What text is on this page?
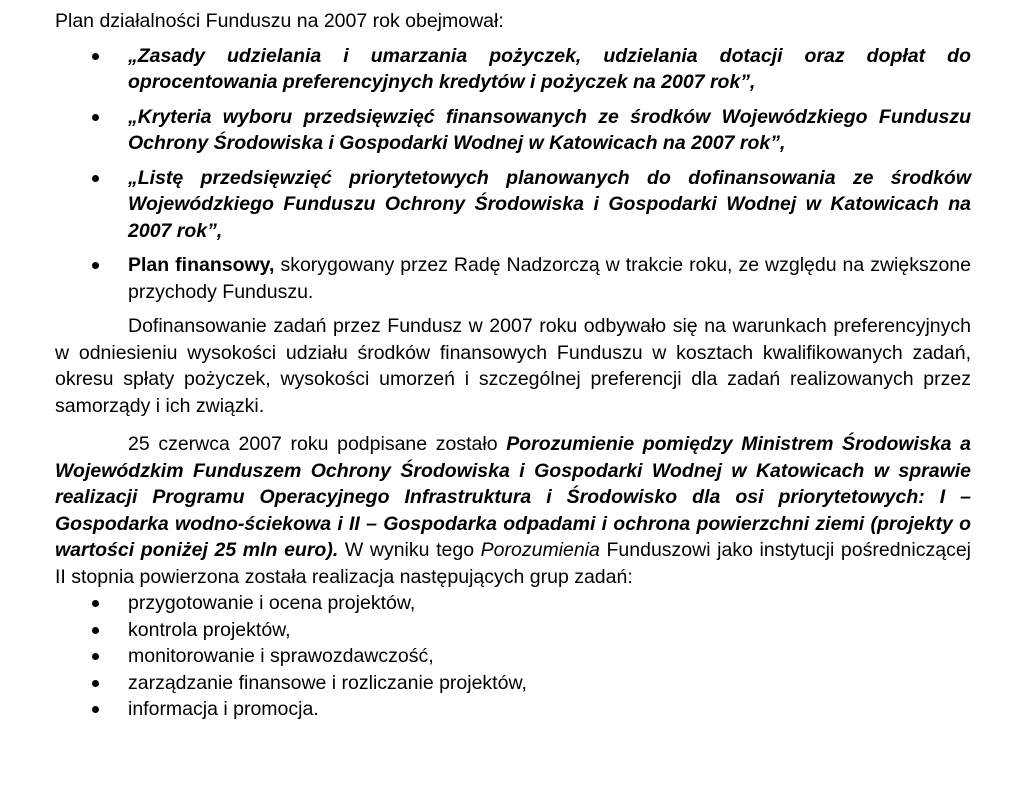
Plan działalności Funduszu na 2007 rok obejmował:

„Zasady udzielania i umarzania pożyczek, udzielania dotacji oraz dopłat do oprocentowania preferencyjnych kredytów i pożyczek na 2007 rok”,
„Kryteria wyboru przedsięwzięć finansowanych ze środków Wojewódzkiego Funduszu Ochrony Środowiska i Gospodarki Wodnej w Katowicach na 2007 rok”,
„Listę przedsięwzięć priorytetowych planowanych do dofinansowania ze środków Wojewódzkiego Funduszu Ochrony Środowiska i Gospodarki Wodnej w Katowicach na 2007 rok”,
Plan finansowy, skorygowany przez Radę Nadzorczą w trakcie roku, ze względu na zwiększone przychody Funduszu.

Dofinansowanie zadań przez Fundusz w 2007 roku odbywało się na warunkach preferencyjnych w odniesieniu wysokości udziału środków finansowych Funduszu w kosztach kwalifikowanych zadań, okresu spłaty pożyczek, wysokości umorzeń i szczególnej preferencji dla zadań realizowanych przez samorządy i ich związki.

25 czerwca 2007 roku podpisane zostało Porozumienie pomiędzy Ministrem Środowiska a Wojewódzkim Funduszem Ochrony Środowiska i Gospodarki Wodnej w Katowicach w sprawie realizacji Programu Operacyjnego Infrastruktura i Środowisko dla osi priorytetowych: I – Gospodarka wodno-ściekowa i II – Gospodarka odpadami i ochrona powierzchni ziemi (projekty o wartości poniżej 25 mln euro). W wyniku tego Porozumienia Funduszowi jako instytucji pośredniczącej II stopnia powierzona została realizacja następujących grup zadań:

przygotowanie i ocena projektów,
kontrola projektów,
monitorowanie i sprawozdawczość,
zarządzanie finansowe i rozliczanie projektów,
informacja i promocja.
